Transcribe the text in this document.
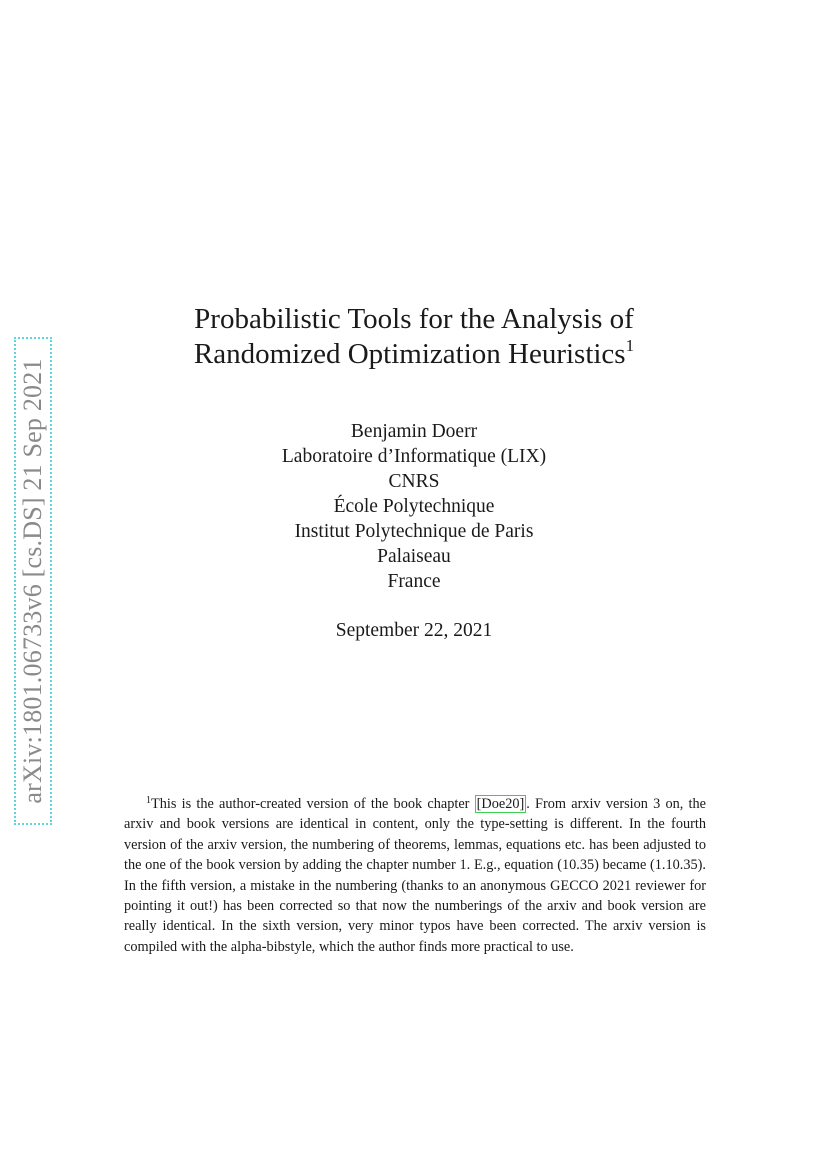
arXiv:1801.06733v6 [cs.DS] 21 Sep 2021
Probabilistic Tools for the Analysis of
Randomized Optimization Heuristics$^1$
Benjamin Doerr
Laboratoire d’Informatique (LIX)
CNRS
École Polytechnique
Institut Polytechnique de Paris
Palaiseau
France
September 22, 2021
$^1$This is the author-created version of the book chapter [Doe20] . From arxiv version 3 on, the arxiv and book versions are identical in content, only the type-setting is different. In the fourth version of the arxiv version, the numbering of theorems, lemmas, equations etc. has been adjusted to the one of the book version by adding the chapter number 1. E.g., equation (10.35) became (1.10.35). In the fifth version, a mistake in the numbering (thanks to an anonymous GECCO 2021 reviewer for pointing it out!) has been corrected so that now the numberings of the arxiv and book version are really identical. In the sixth version, very minor typos have been corrected. The arxiv version is compiled with the alpha-bibstyle, which the author finds more practical to use.
